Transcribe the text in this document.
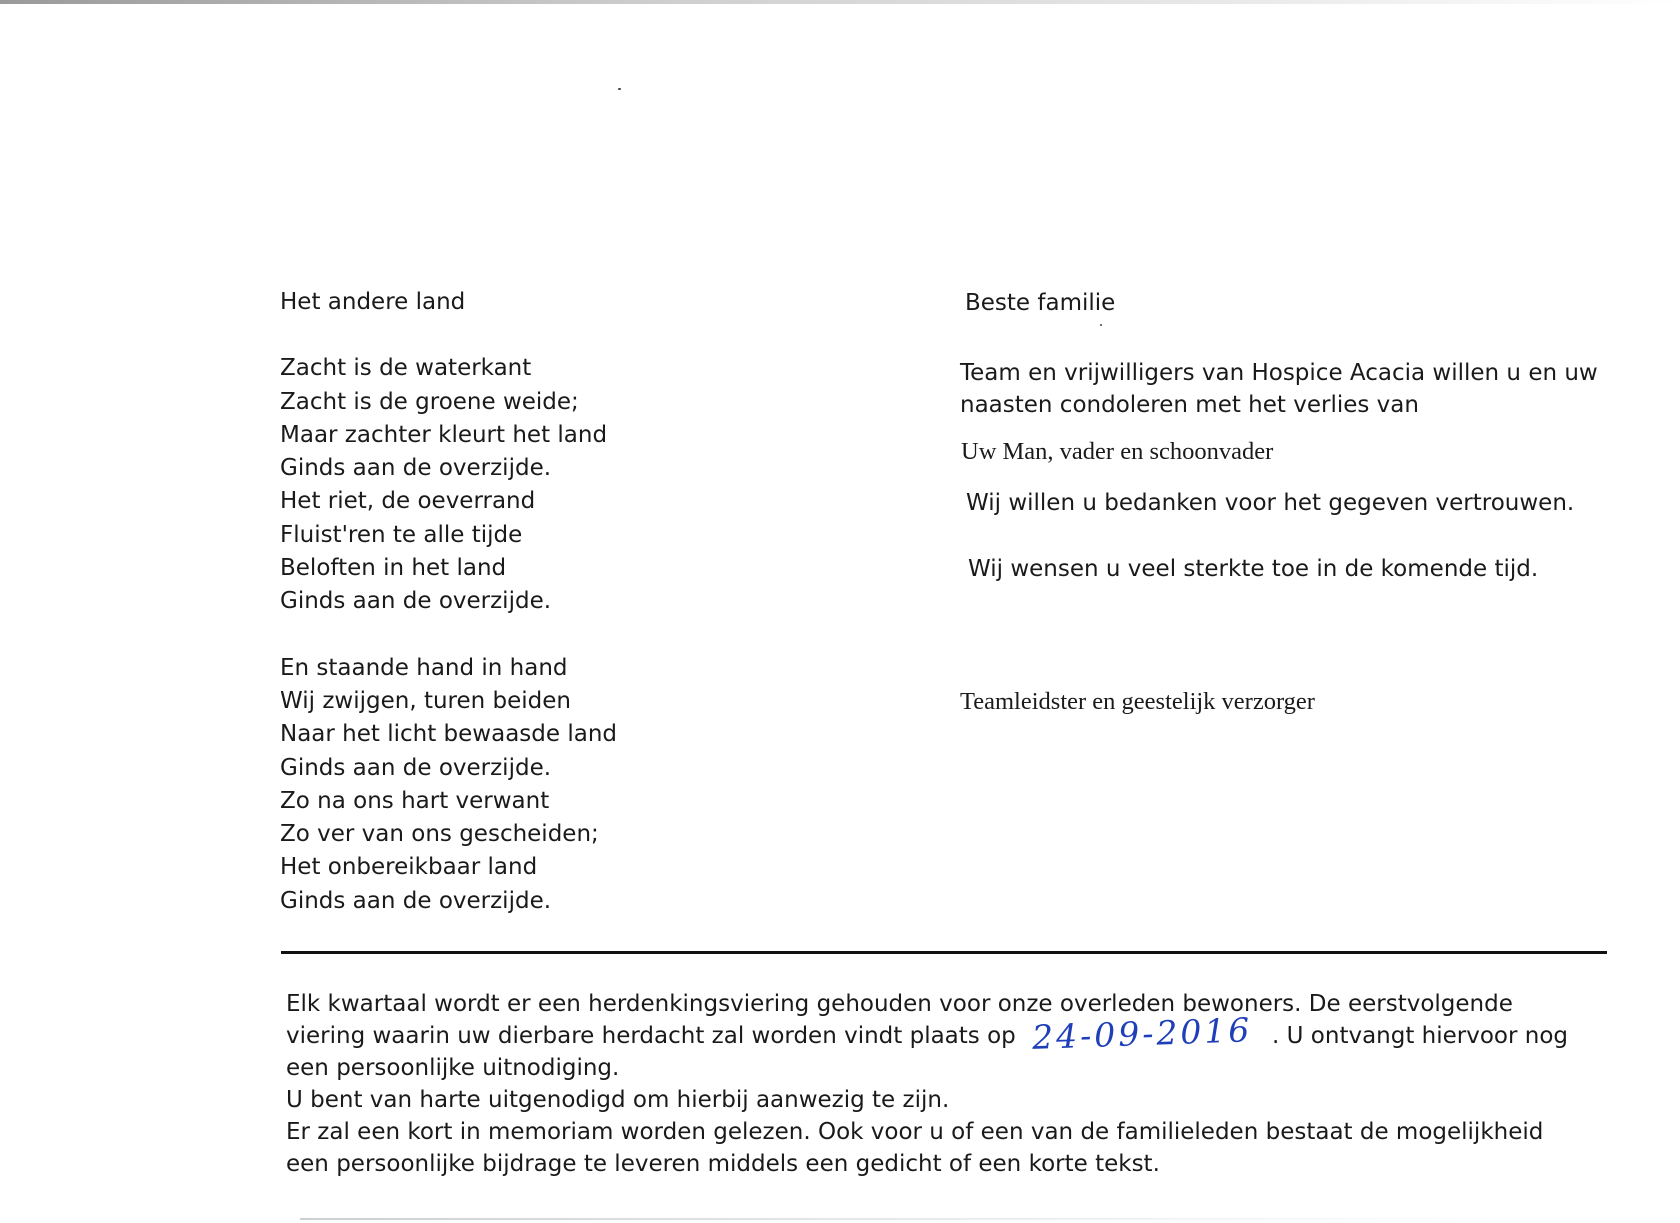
Het andere land
Zacht is de waterkant
Zacht is de groene weide;
Maar zachter kleurt het land
Ginds aan de overzijde.
Het riet, de oeverrand
Fluist'ren te alle tijde
Beloften in het land
Ginds aan de overzijde.
En staande hand in hand
Wij zwijgen, turen beiden
Naar het licht bewaasde land
Ginds aan de overzijde.
Zo na ons hart verwant
Zo ver van ons gescheiden;
Het onbereikbaar land
Ginds aan de overzijde.
Beste familie
Team en vrijwilligers van Hospice Acacia willen u en uw naasten condoleren met het verlies van
Uw Man, vader en schoonvader
Wij willen u bedanken voor het gegeven vertrouwen.
Wij wensen u veel sterkte toe in de komende tijd.
Teamleidster en geestelijk verzorger

Elk kwartaal wordt er een herdenkingsviering gehouden voor onze overleden bewoners. De eerstvolgende

viering waarin uw dierbare herdacht zal worden vindt plaats op 24-09-2016 . U ontvangt hiervoor nog

een persoonlijke uitnodiging.

U bent van harte uitgenodigd om hierbij aanwezig te zijn.

Er zal een kort in memoriam worden gelezen. Ook voor u of een van de familieleden bestaat de mogelijkheid

een persoonlijke bijdrage te leveren middels een gedicht of een korte tekst.
